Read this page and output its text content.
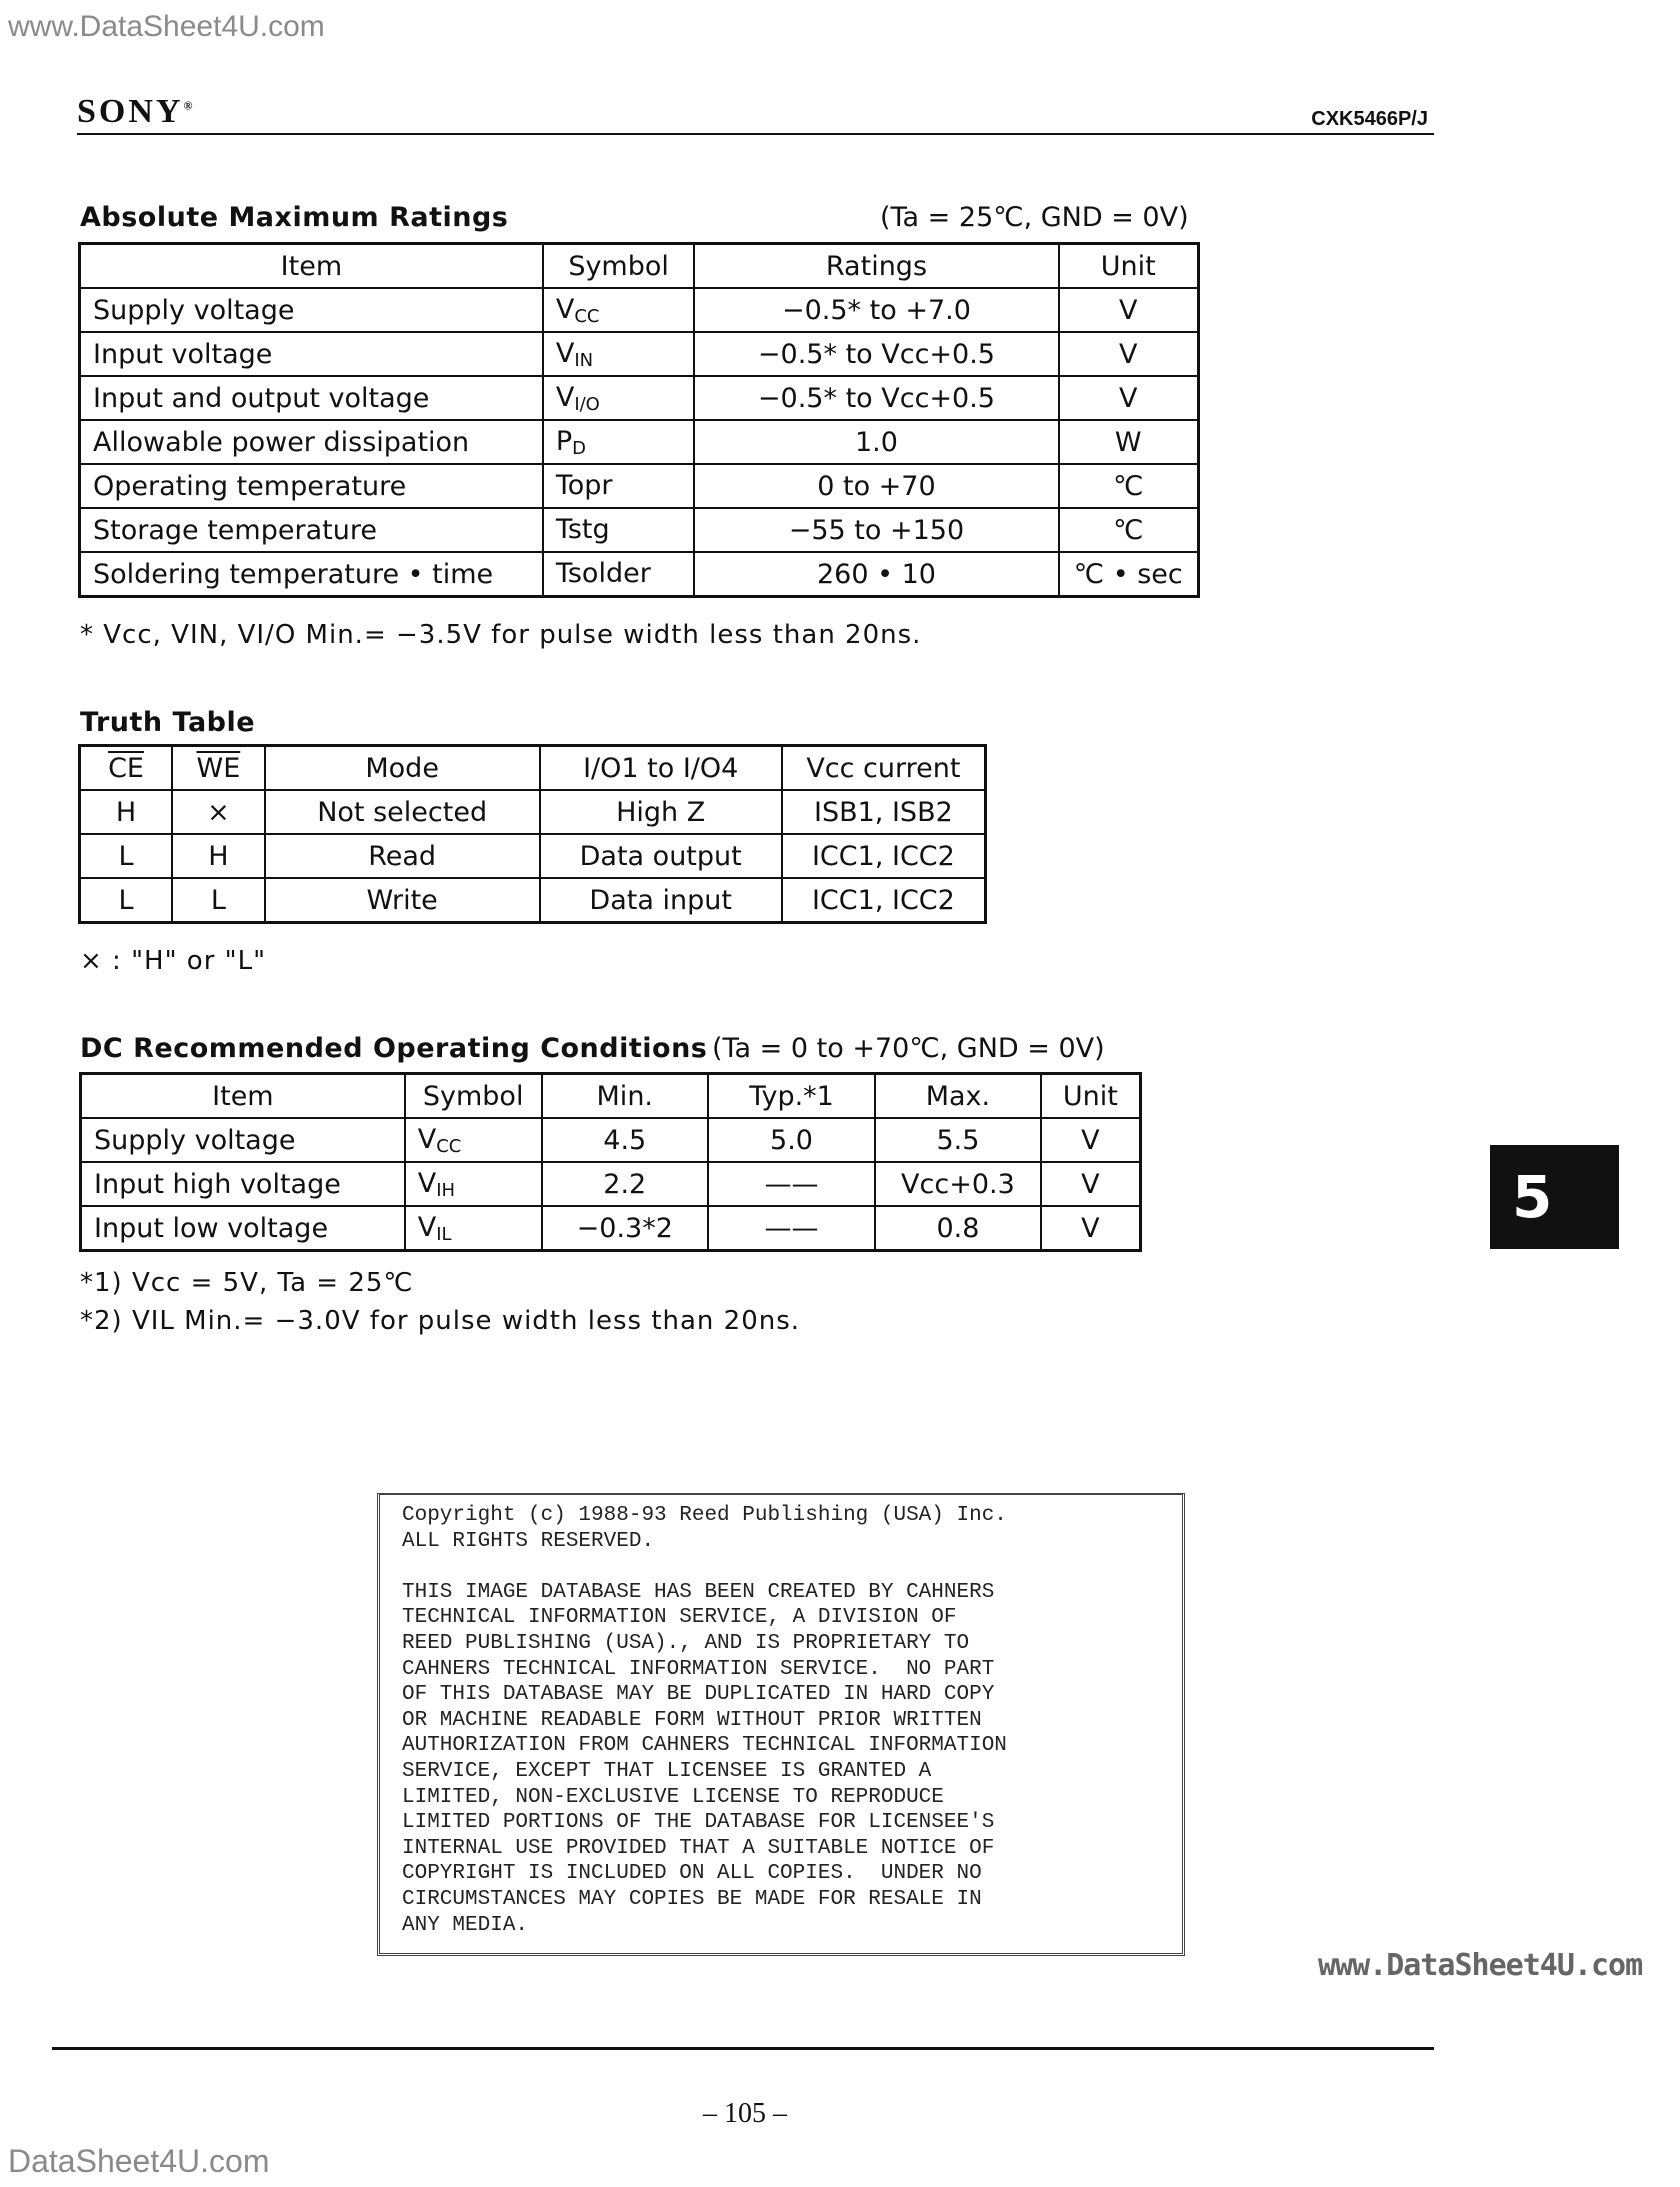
www.DataSheet4U.com
SONY®
CXK5466P/J
Absolute Maximum Ratings	(Ta = 25℃, GND = 0V)
Item	Symbol	Ratings	Unit
Supply voltage	$V_{CC}$	−0.5* to +7.0	V
Input voltage	$V_{IN}$	−0.5* to Vcc+0.5	V
Input and output voltage	$V_{I/O}$	−0.5* to Vcc+0.5	V
Allowable power dissipation	$P_D$	1.0	W
Operating temperature	Topr	0 to +70	℃
Storage temperature	Tstg	−55 to +150	℃
Soldering temperature • time	Tsolder	260 • 10	℃ • sec
* Vcc, VIN, VI/O Min.= −3.5V for pulse width less than 20ns.
Truth Table
$\overline{CE}$	$\overline{WE}$	Mode	I/O1 to I/O4	Vcc current
H	×	Not selected	High Z	ISB1, ISB2
L	H	Read	Data output	ICC1, ICC2
L	L	Write	Data input	ICC1, ICC2
× : "H" or "L"
DC Recommended Operating Conditions (Ta = 0 to +70℃, GND = 0V)
Item	Symbol	Min.	Typ.*1	Max.	Unit
Supply voltage	$V_{CC}$	4.5	5.0	5.5	V
Input high voltage	$V_{IH}$	2.2	——	Vcc+0.3	V
Input low voltage	$V_{IL}$	−0.3*2	——	0.8	V
*1) Vcc = 5V, Ta = 25℃
*2) VIL Min.= −3.0V for pulse width less than 20ns.
5
Copyright (c) 1988-93 Reed Publishing (USA) Inc.
ALL RIGHTS RESERVED.

THIS IMAGE DATABASE HAS BEEN CREATED BY CAHNERS
TECHNICAL INFORMATION SERVICE, A DIVISION OF
REED PUBLISHING (USA)., AND IS PROPRIETARY TO
CAHNERS TECHNICAL INFORMATION SERVICE.  NO PART
OF THIS DATABASE MAY BE DUPLICATED IN HARD COPY
OR MACHINE READABLE FORM WITHOUT PRIOR WRITTEN
AUTHORIZATION FROM CAHNERS TECHNICAL INFORMATION
SERVICE, EXCEPT THAT LICENSEE IS GRANTED A
LIMITED, NON-EXCLUSIVE LICENSE TO REPRODUCE
LIMITED PORTIONS OF THE DATABASE FOR LICENSEE'S
INTERNAL USE PROVIDED THAT A SUITABLE NOTICE OF
COPYRIGHT IS INCLUDED ON ALL COPIES.  UNDER NO
CIRCUMSTANCES MAY COPIES BE MADE FOR RESALE IN
ANY MEDIA.
www.DataSheet4U.com
– 105 –
DataSheet4U.com
